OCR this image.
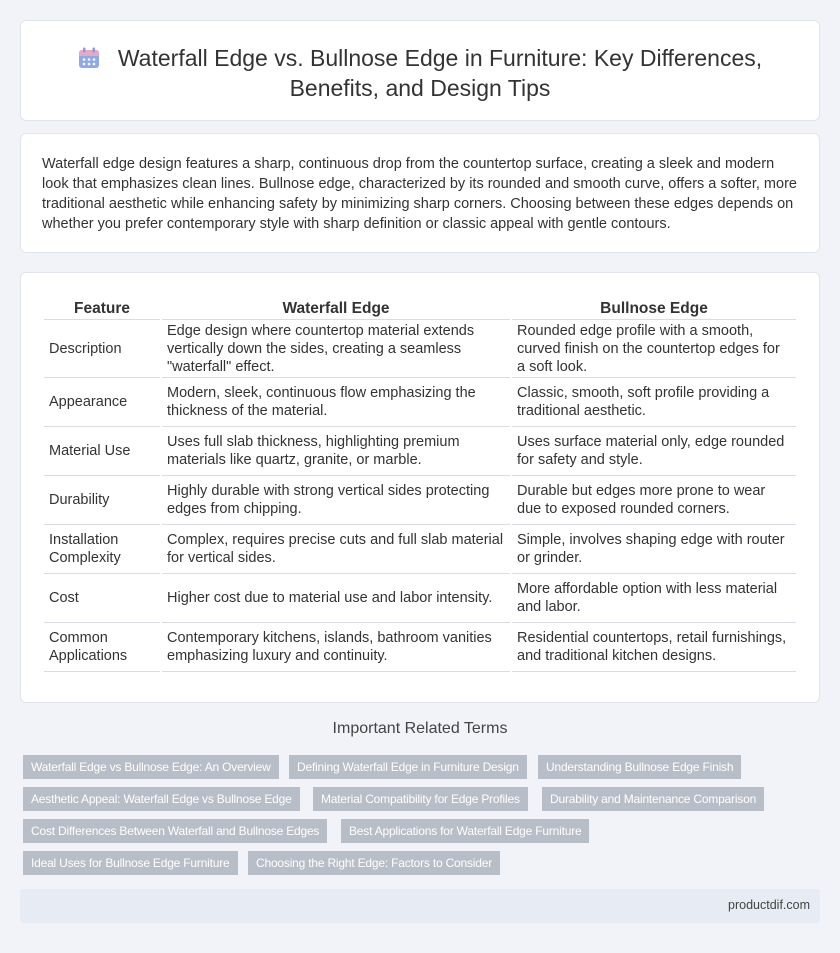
Waterfall Edge vs. Bullnose Edge in Furniture: Key Differences, Benefits, and Design Tips

Waterfall edge design features a sharp, continuous drop from the countertop surface, creating a sleek and modern look that emphasizes clean lines. Bullnose edge, characterized by its rounded and smooth curve, offers a softer, more traditional aesthetic while enhancing safety by minimizing sharp corners. Choosing between these edges depends on whether you prefer contemporary style with sharp definition or classic appeal with gentle contours.

Feature	Waterfall Edge	Bullnose Edge
Description	Edge design where countertop material extends vertically down the sides, creating a seamless "waterfall" effect.	Rounded edge profile with a smooth, curved finish on the countertop edges for a soft look.
Appearance	Modern, sleek, continuous flow emphasizing the thickness of the material.	Classic, smooth, soft profile providing a traditional aesthetic.
Material Use	Uses full slab thickness, highlighting premium materials like quartz, granite, or marble.	Uses surface material only, edge rounded for safety and style.
Durability	Highly durable with strong vertical sides protecting edges from chipping.	Durable but edges more prone to wear due to exposed rounded corners.
Installation Complexity	Complex, requires precise cuts and full slab material for vertical sides.	Simple, involves shaping edge with router or grinder.
Cost	Higher cost due to material use and labor intensity.	More affordable option with less material and labor.
Common Applications	Contemporary kitchens, islands, bathroom vanities emphasizing luxury and continuity.	Residential countertops, retail furnishings, and traditional kitchen designs.
Important Related Terms
Waterfall Edge vs Bullnose Edge: An Overview	Defining Waterfall Edge in Furniture Design	Understanding Bullnose Edge Finish
Aesthetic Appeal: Waterfall Edge vs Bullnose Edge	Material Compatibility for Edge Profiles	Durability and Maintenance Comparison
Cost Differences Between Waterfall and Bullnose Edges	Best Applications for Waterfall Edge Furniture
Ideal Uses for Bullnose Edge Furniture	Choosing the Right Edge: Factors to Consider
productdif.com
